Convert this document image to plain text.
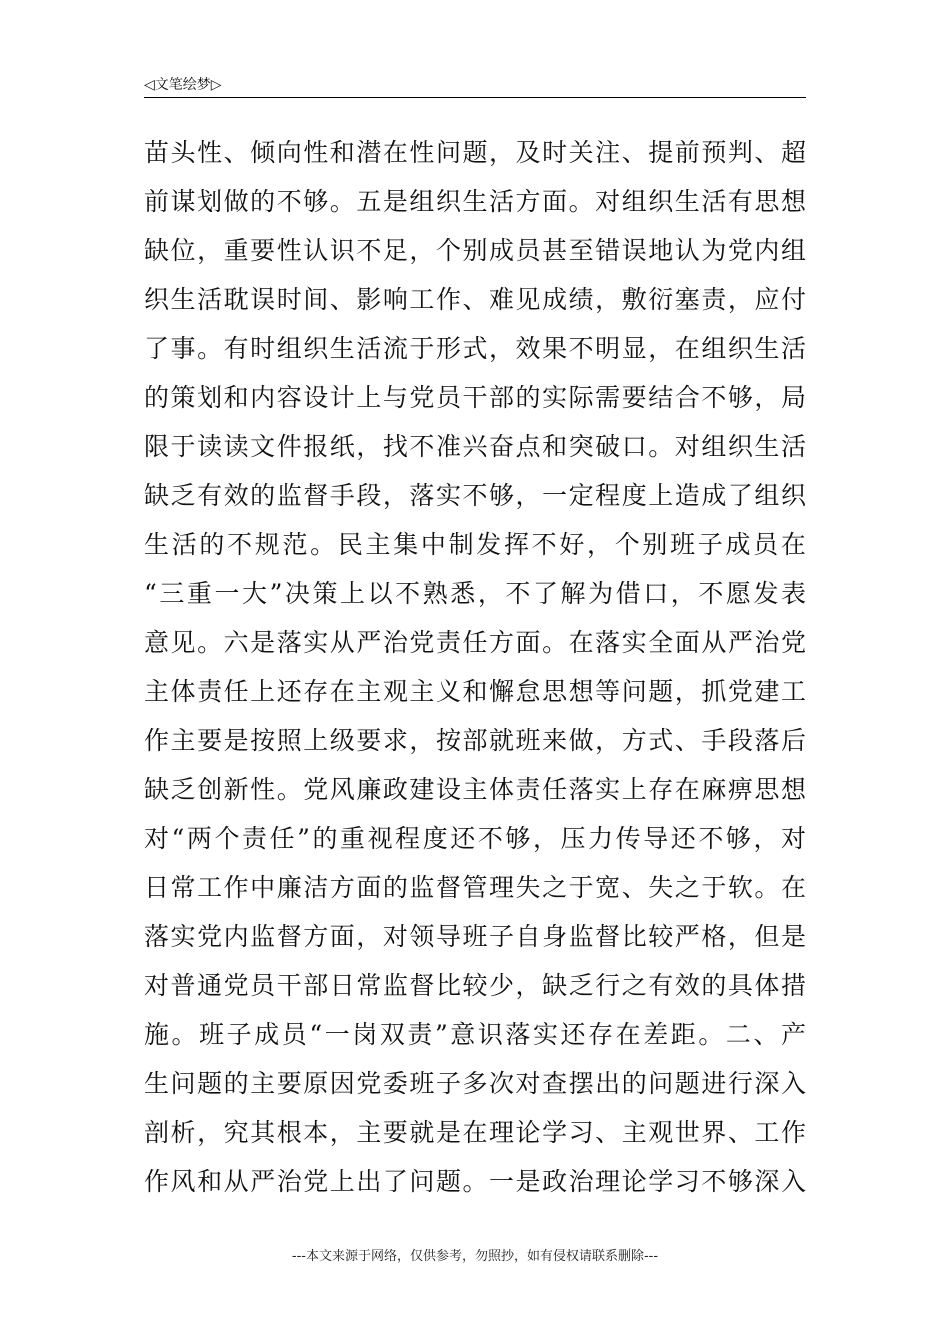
◁文笔绘梦▷
苗头性、倾向性和潜在性问题，及时关注、提前预判、超
前谋划做的不够。五是组织生活方面。对组织生活有思想
缺位，重要性认识不足，个别成员甚至错误地认为党内组
织生活耽误时间、影响工作、难见成绩，敷衍塞责，应付
了事。有时组织生活流于形式，效果不明显，在组织生活
的策划和内容设计上与党员干部的实际需要结合不够，局
限于读读文件报纸，找不准兴奋点和突破口。对组织生活
缺乏有效的监督手段，落实不够，一定程度上造成了组织
生活的不规范。民主集中制发挥不好，个别班子成员在
“三重一大”决策上以不熟悉，不了解为借口，不愿发表
意见。六是落实从严治党责任方面。在落实全面从严治党
主体责任上还存在主观主义和懈怠思想等问题，抓党建工
作主要是按照上级要求，按部就班来做，方式、手段落后
缺乏创新性。党风廉政建设主体责任落实上存在麻痹思想
对“两个责任”的重视程度还不够，压力传导还不够，对
日常工作中廉洁方面的监督管理失之于宽、失之于软。在
落实党内监督方面，对领导班子自身监督比较严格，但是
对普通党员干部日常监督比较少，缺乏行之有效的具体措
施。班子成员“一岗双责”意识落实还存在差距。二、产
生问题的主要原因党委班子多次对查摆出的问题进行深入
剖析，究其根本，主要就是在理论学习、主观世界、工作
作风和从严治党上出了问题。一是政治理论学习不够深入
---本文来源于网络，仅供参考，勿照抄，如有侵权请联系删除---
